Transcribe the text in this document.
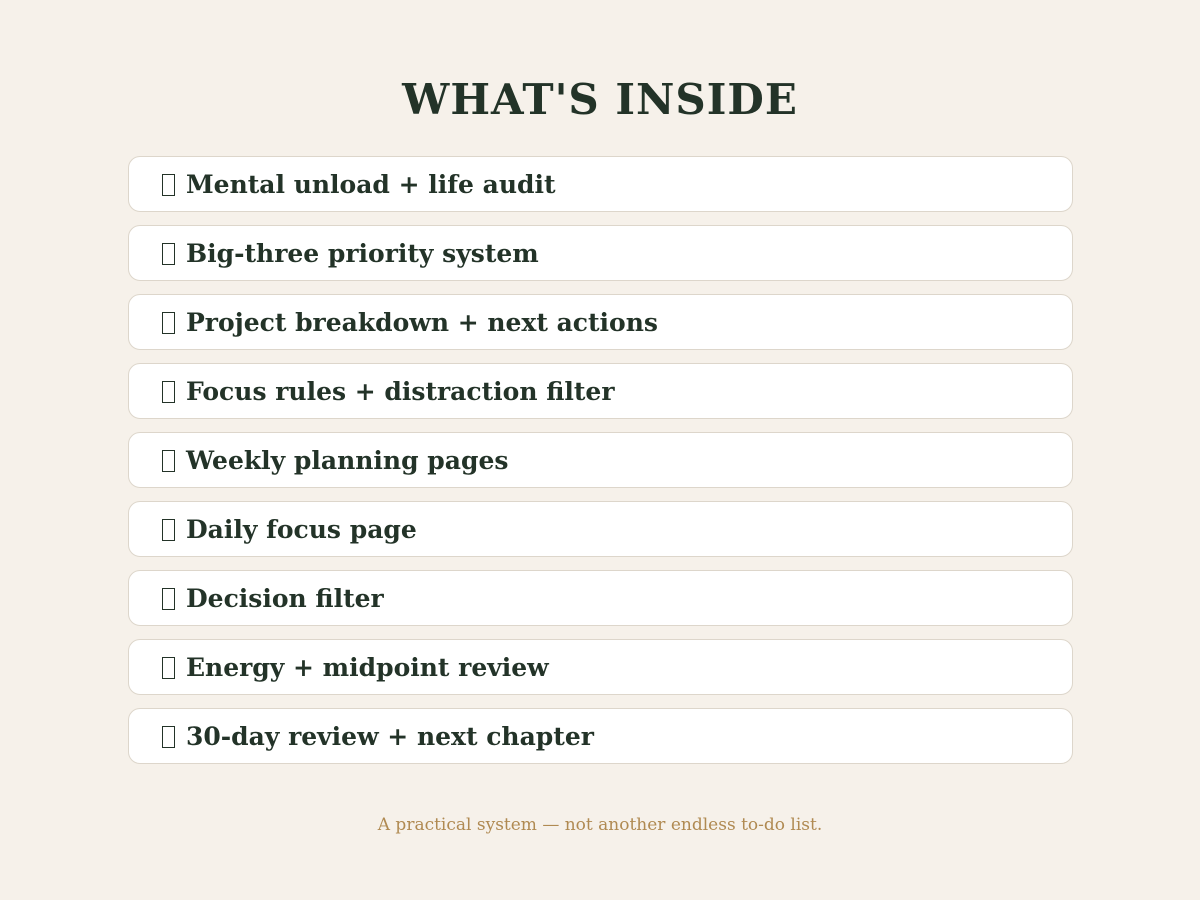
WHAT'S INSIDE
Mental unload + life audit
Big-three priority system
Project breakdown + next actions
Focus rules + distraction filter
Weekly planning pages
Daily focus page
Decision filter
Energy + midpoint review
30-day review + next chapter

A practical system — not another endless to-do list.
